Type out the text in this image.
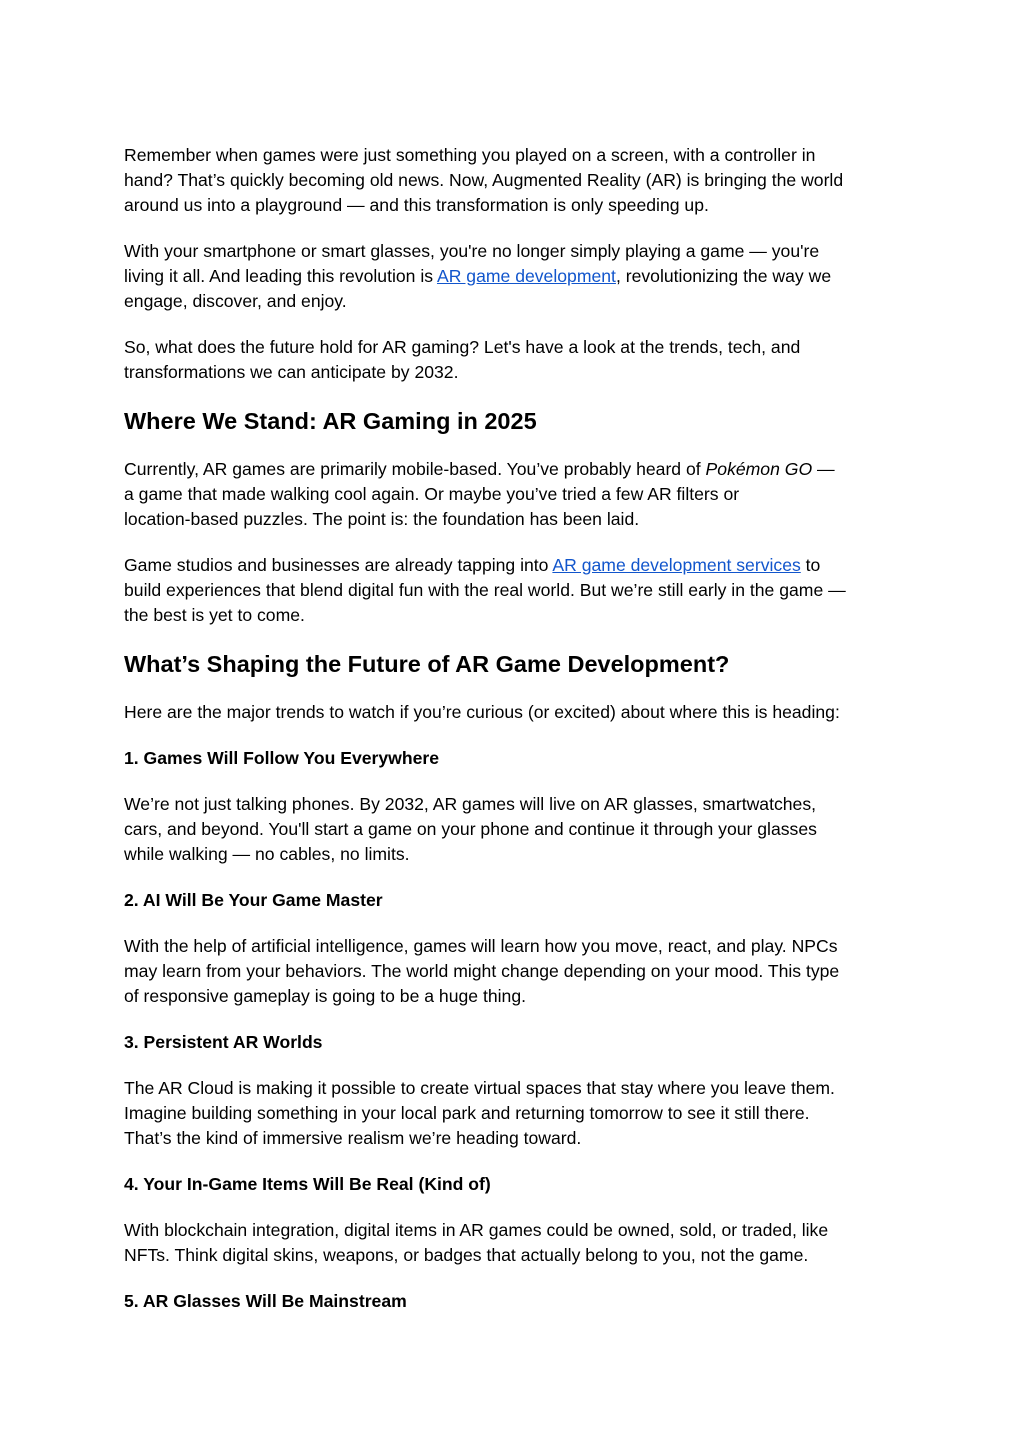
Remember when games were just something you played on a screen, with a controller in
hand? That’s quickly becoming old news. Now, Augmented Reality (AR) is bringing the world
around us into a playground — and this transformation is only speeding up.

With your smartphone or smart glasses, you're no longer simply playing a game — you're
living it all. And leading this revolution is AR game development, revolutionizing the way we
engage, discover, and enjoy.

So, what does the future hold for AR gaming? Let's have a look at the trends, tech, and
transformations we can anticipate by 2032.

Where We Stand: AR Gaming in 2025

Currently, AR games are primarily mobile-based. You’ve probably heard of Pokémon GO —
a game that made walking cool again. Or maybe you’ve tried a few AR filters or
location-based puzzles. The point is: the foundation has been laid.

Game studios and businesses are already tapping into AR game development services to
build experiences that blend digital fun with the real world. But we’re still early in the game —
the best is yet to come.

What’s Shaping the Future of AR Game Development?

Here are the major trends to watch if you’re curious (or excited) about where this is heading:

1. Games Will Follow You Everywhere

We’re not just talking phones. By 2032, AR games will live on AR glasses, smartwatches,
cars, and beyond. You'll start a game on your phone and continue it through your glasses
while walking — no cables, no limits.

2. AI Will Be Your Game Master

With the help of artificial intelligence, games will learn how you move, react, and play. NPCs
may learn from your behaviors. The world might change depending on your mood. This type
of responsive gameplay is going to be a huge thing.

3. Persistent AR Worlds

The AR Cloud is making it possible to create virtual spaces that stay where you leave them.
Imagine building something in your local park and returning tomorrow to see it still there.
That’s the kind of immersive realism we’re heading toward.

4. Your In-Game Items Will Be Real (Kind of)

With blockchain integration, digital items in AR games could be owned, sold, or traded, like
NFTs. Think digital skins, weapons, or badges that actually belong to you, not the game.

5. AR Glasses Will Be Mainstream
